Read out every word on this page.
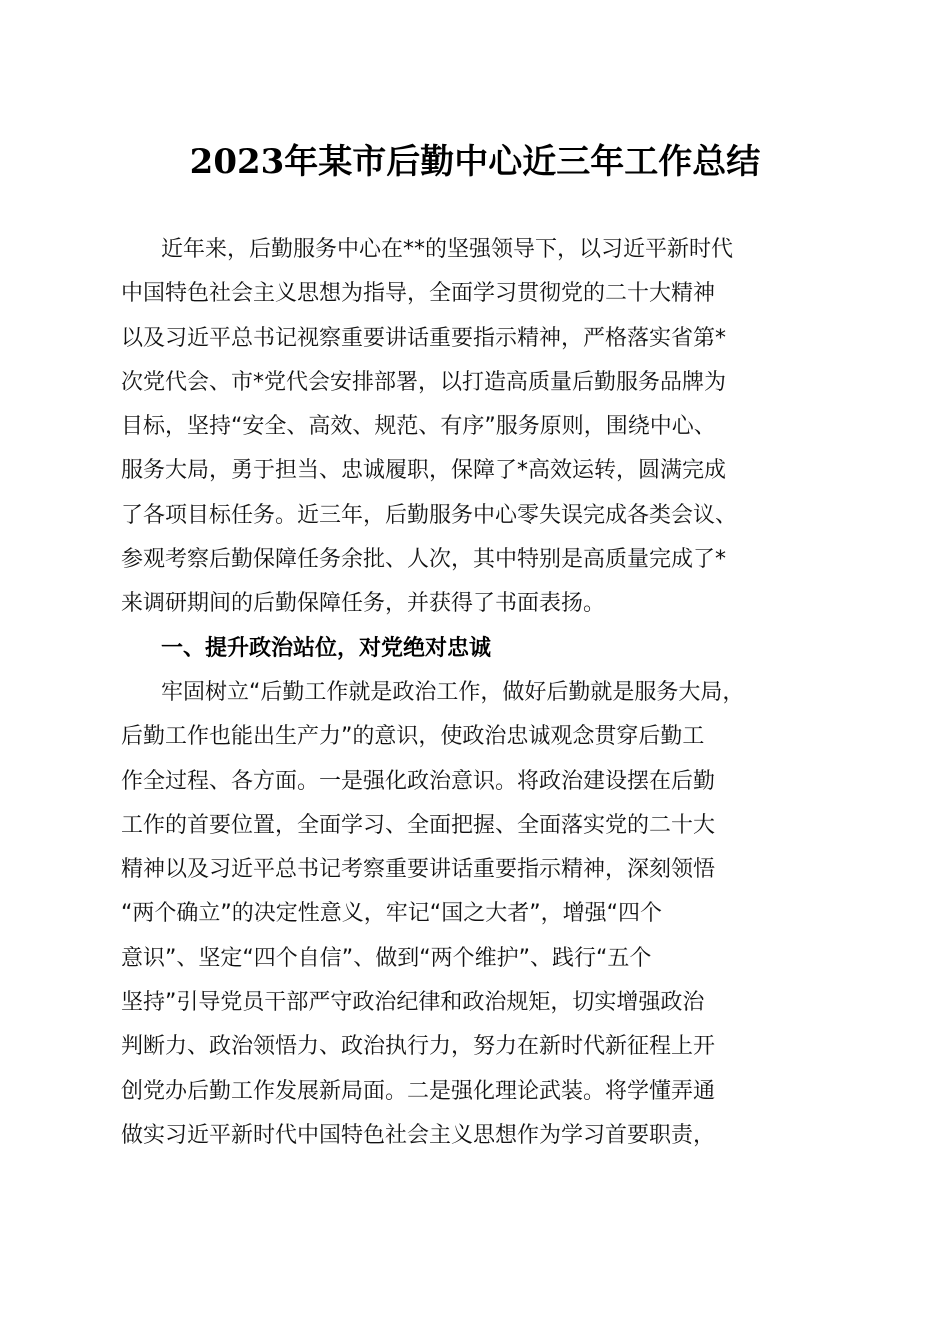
2023年某市后勤中心近三年工作总结
近年来，后勤服务中心在**的坚强领导下，以习近平新时代
中国特色社会主义思想为指导，全面学习贯彻党的二十大精神
以及习近平总书记视察重要讲话重要指示精神，严格落实省第*
次党代会、市*党代会安排部署，以打造高质量后勤服务品牌为
目标，坚持“安全、高效、规范、有序”服务原则，围绕中心、
服务大局，勇于担当、忠诚履职，保障了*高效运转，圆满完成
了各项目标任务。近三年，后勤服务中心零失误完成各类会议、
参观考察后勤保障任务余批、人次，其中特别是高质量完成了*
来调研期间的后勤保障任务，并获得了书面表扬。
一、提升政治站位，对党绝对忠诚
牢固树立“后勤工作就是政治工作，做好后勤就是服务大局，
后勤工作也能出生产力”的意识，使政治忠诚观念贯穿后勤工
作全过程、各方面。一是强化政治意识。将政治建设摆在后勤
工作的首要位置，全面学习、全面把握、全面落实党的二十大
精神以及习近平总书记考察重要讲话重要指示精神，深刻领悟
“两个确立”的决定性意义，牢记“国之大者”，增强“四个
意识”、坚定“四个自信”、做到“两个维护”、践行“五个
坚持”引导党员干部严守政治纪律和政治规矩，切实增强政治
判断力、政治领悟力、政治执行力，努力在新时代新征程上开
创党办后勤工作发展新局面。二是强化理论武装。将学懂弄通
做实习近平新时代中国特色社会主义思想作为学习首要职责，
